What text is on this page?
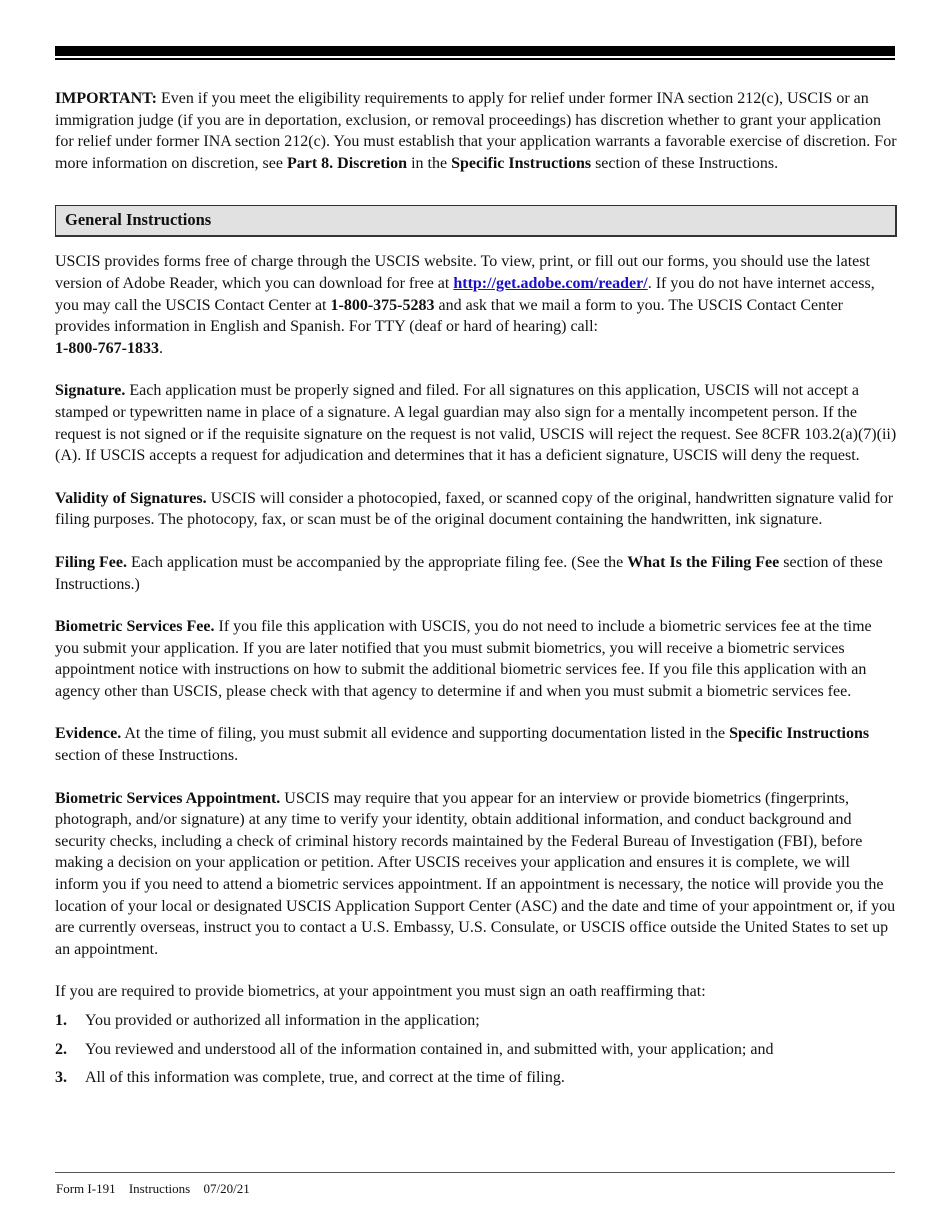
IMPORTANT: Even if you meet the eligibility requirements to apply for relief under former INA section 212(c), USCIS or an immigration judge (if you are in deportation, exclusion, or removal proceedings) has discretion whether to grant your application for relief under former INA section 212(c). You must establish that your application warrants a favorable exercise of discretion. For more information on discretion, see Part 8. Discretion in the Specific Instructions section of these Instructions.

General Instructions

USCIS provides forms free of charge through the USCIS website. To view, print, or fill out our forms, you should use the latest version of Adobe Reader, which you can download for free at http://get.adobe.com/reader/. If you do not have internet access, you may call the USCIS Contact Center at 1-800-375-5283 and ask that we mail a form to you. The USCIS Contact Center provides information in English and Spanish. For TTY (deaf or hard of hearing) call:
1-800-767-1833.

Signature. Each application must be properly signed and filed. For all signatures on this application, USCIS will not accept a stamped or typewritten name in place of a signature. A legal guardian may also sign for a mentally incompetent person. If the request is not signed or if the requisite signature on the request is not valid, USCIS will reject the request. See 8CFR 103.2(a)(7)(ii)(A). If USCIS accepts a request for adjudication and determines that it has a deficient signature, USCIS will deny the request.

Validity of Signatures. USCIS will consider a photocopied, faxed, or scanned copy of the original, handwritten signature valid for filing purposes. The photocopy, fax, or scan must be of the original document containing the handwritten, ink signature.

Filing Fee. Each application must be accompanied by the appropriate filing fee. (See the What Is the Filing Fee section of these Instructions.)

Biometric Services Fee. If you file this application with USCIS, you do not need to include a biometric services fee at the time you submit your application. If you are later notified that you must submit biometrics, you will receive a biometric services appointment notice with instructions on how to submit the additional biometric services fee. If you file this application with an agency other than USCIS, please check with that agency to determine if and when you must submit a biometric services fee.

Evidence. At the time of filing, you must submit all evidence and supporting documentation listed in the Specific Instructions section of these Instructions.

Biometric Services Appointment. USCIS may require that you appear for an interview or provide biometrics (fingerprints, photograph, and/or signature) at any time to verify your identity, obtain additional information, and conduct background and security checks, including a check of criminal history records maintained by the Federal Bureau of Investigation (FBI), before making a decision on your application or petition. After USCIS receives your application and ensures it is complete, we will inform you if you need to attend a biometric services appointment. If an appointment is necessary, the notice will provide you the location of your local or designated USCIS Application Support Center (ASC) and the date and time of your appointment or, if you are currently overseas, instruct you to contact a U.S. Embassy, U.S. Consulate, or USCIS office outside the United States to set up an appointment.

If you are required to provide biometrics, at your appointment you must sign an oath reaffirming that:

1.	You provided or authorized all information in the application;
2.	You reviewed and understood all of the information contained in, and submitted with, your application; and
3.	All of this information was complete, true, and correct at the time of filing.
Form I-191 Instructions 07/20/21
